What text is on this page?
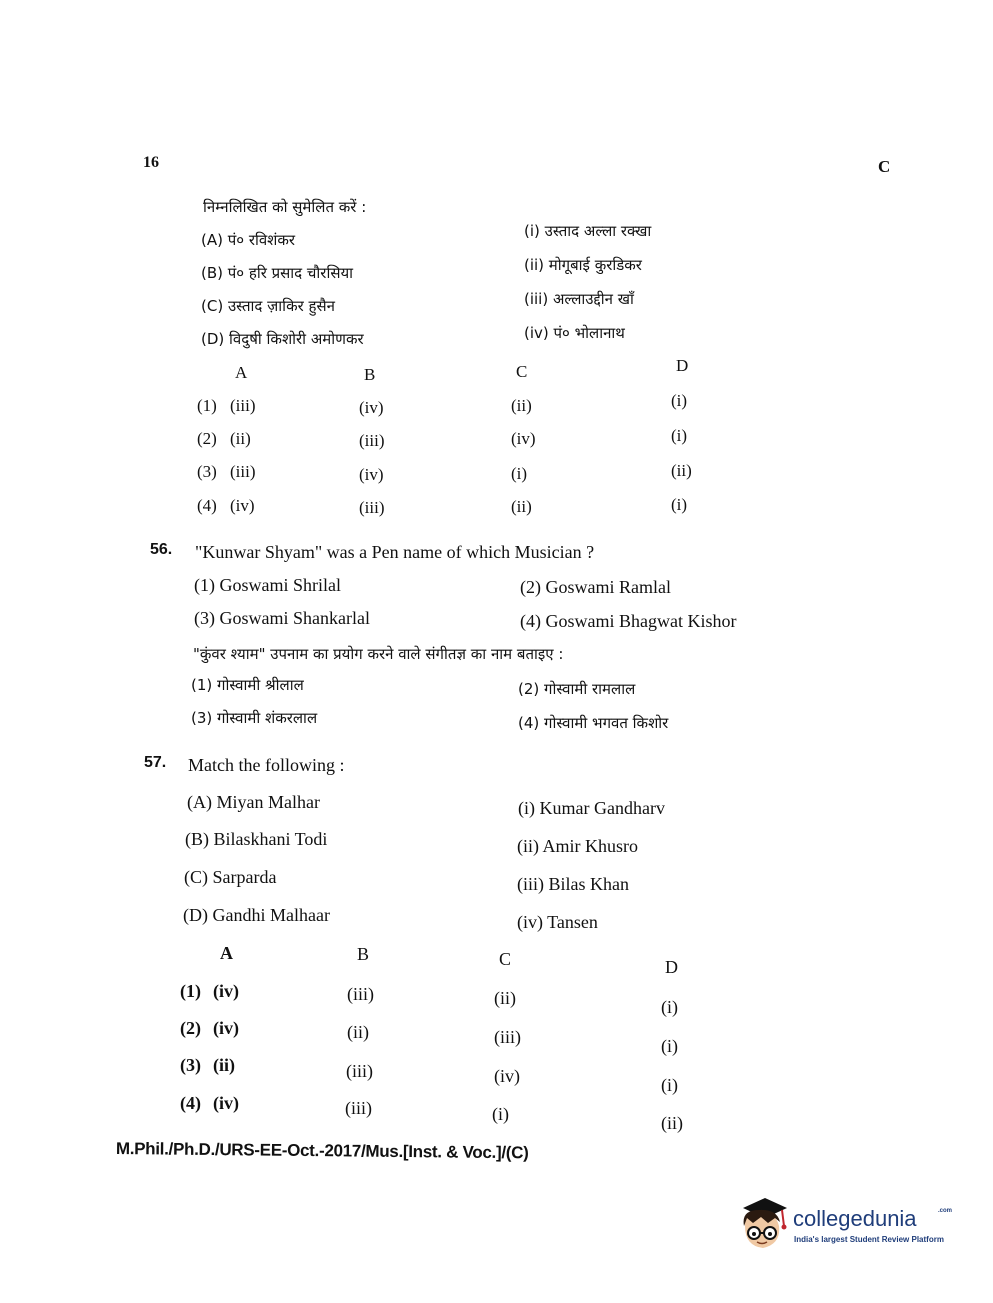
16	C
निम्नलिखित को सुमेलित करें :
(A) पं० रविशंकर
(B) पं० हरि प्रसाद चौरसिया
(C) उस्ताद ज़ाकिर हुसैन
(D) विदुषी किशोरी अमोणकर
(i) उस्ताद अल्ला रक्खा
(ii) मोगूबाई कुरडिकर
(iii) अल्लाउद्दीन खाँ
(iv) पं० भोलानाथ
A	B	C	D
(1) (iii)	(iv)	(ii)	(i)
(2) (ii)	(iii)	(iv)	(i)
(3) (iii)	(iv)	(i)	(ii)
(4) (iv)	(iii)	(ii)	(i)
56. "Kunwar Shyam" was a Pen name of which Musician ?
(1) Goswami Shrilal	(2) Goswami Ramlal
(3) Goswami Shankarlal	(4) Goswami Bhagwat Kishor
"कुंवर श्याम" उपनाम का प्रयोग करने वाले संगीतज्ञ का नाम बताइए :
(1) गोस्वामी श्रीलाल	(2) गोस्वामी रामलाल
(3) गोस्वामी शंकरलाल	(4) गोस्वामी भगवत किशोर
57. Match the following :
(A) Miyan Malhar
(B) Bilaskhani Todi
(C) Sarparda
(D) Gandhi Malhaar
(i) Kumar Gandharv
(ii) Amir Khusro
(iii) Bilas Khan
(iv) Tansen
A	B	C	D
(1) (iv)	(iii)	(ii)	(i)
(2) (iv)	(ii)	(iii)	(i)
(3) (ii)	(iii)	(iv)	(i)
(4) (iv)	(iii)	(i)	(ii)
M.Phil./Ph.D./URS-EE-Oct.-2017/Mus.[Inst. & Voc.]/(C)
collegedunia	.com
India's largest Student Review Platform
